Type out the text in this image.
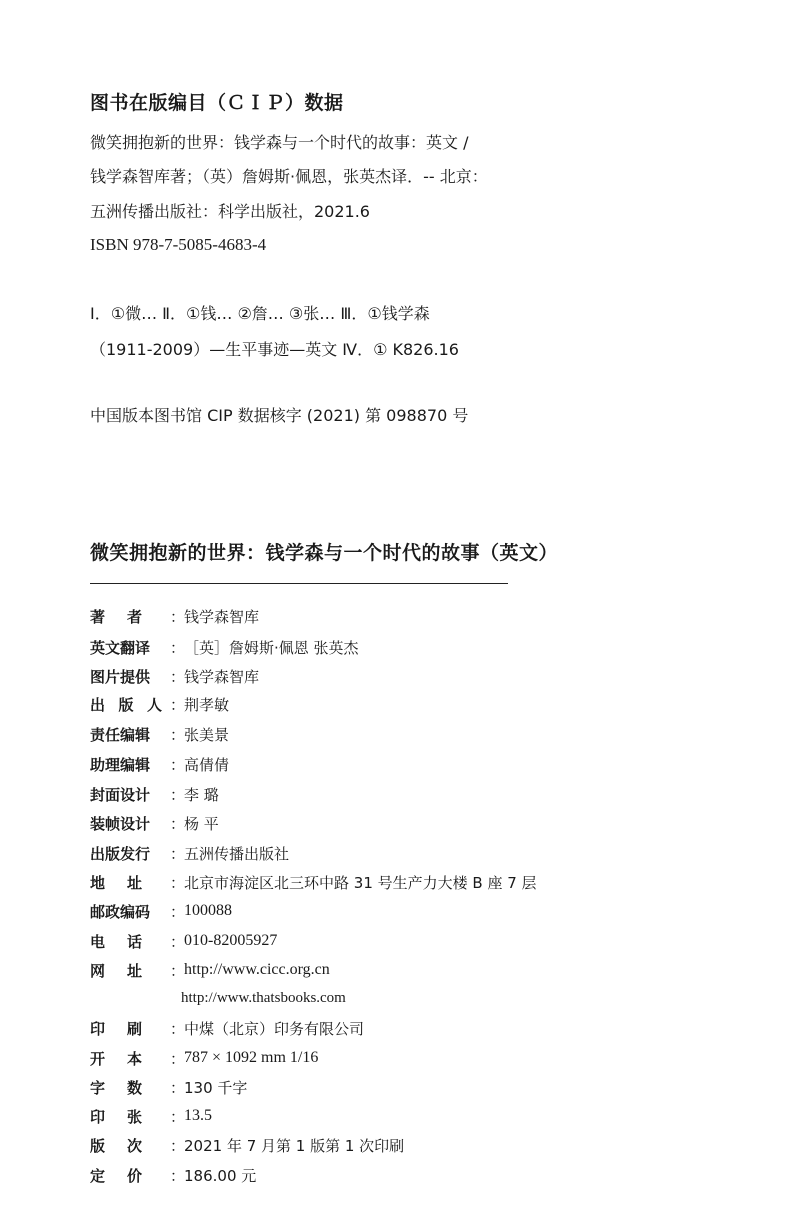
图书在版编目（ＣＩＰ）数据
微笑拥抱新的世界：钱学森与一个时代的故事：英文 /
钱学森智库著；（英）詹姆斯·佩恩，张英杰译．-- 北京：
五洲传播出版社：科学出版社，2021.6
ISBN 978-7-5085-4683-4
Ⅰ．①微… Ⅱ．①钱… ②詹… ③张… Ⅲ．①钱学森
（1911-2009）—生平事迹—英文 Ⅳ．① K826.16
中国版本图书馆 CIP 数据核字 (2021) 第 098870 号
微笑拥抱新的世界：钱学森与一个时代的故事（英文）
著 者 ：
钱学森智库
英文翻译	：
［英］詹姆斯·佩恩 张英杰
图片提供	：
钱学森智库
出 版 人 ：
荆孝敏
责任编辑	：
张美景
助理编辑	：
高倩倩
封面设计	：
李 璐
装帧设计	：
杨 平
出版发行	：
五洲传播出版社
地 址 ：
北京市海淀区北三环中路 31 号生产力大楼 B 座 7 层
邮政编码	：
100088
电 话 ：
010-82005927
网 址 ：
http://www.cicc.org.cn
http://www.thatsbooks.com
印 刷 ：
中煤（北京）印务有限公司
开 本 ：
787 × 1092 mm 1/16
字 数 ：
130 千字
印 张 ：
13.5
版 次 ：
2021 年 7 月第 1 版第 1 次印刷
定 价 ：
186.00 元
